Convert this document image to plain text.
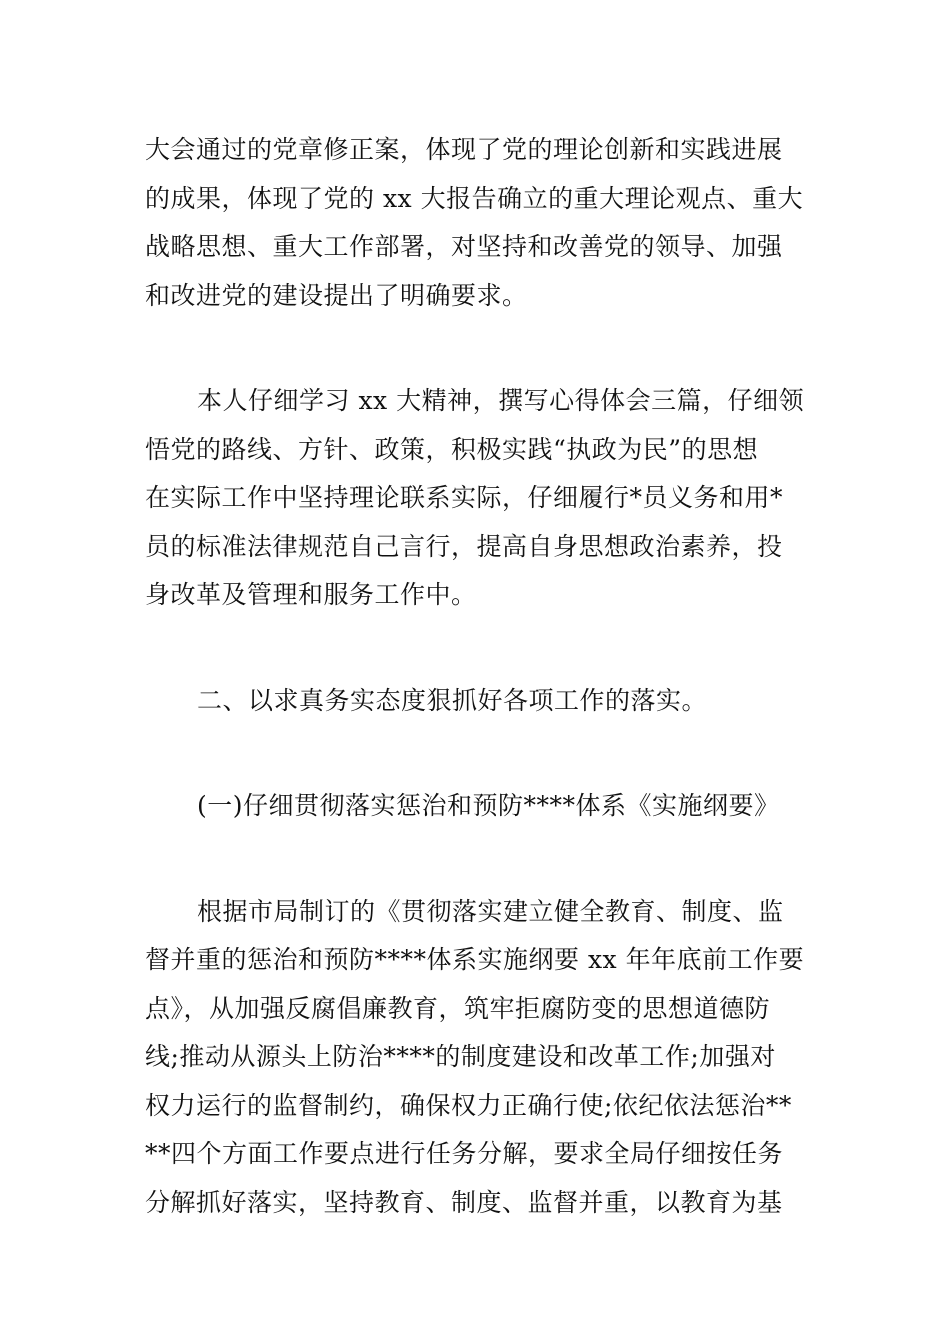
大会通过的党章修正案，体现了党的理论创新和实践进展
的成果，体现了党的 xx 大报告确立的重大理论观点、重大
战略思想、重大工作部署，对坚持和改善党的领导、加强
和改进党的建设提出了明确要求。
本人仔细学习 xx 大精神，撰写心得体会三篇，仔细领
悟党的路线、方针、政策，积极实践“执政为民”的思想
在实际工作中坚持理论联系实际，仔细履行*员义务和用*
员的标准法律规范自己言行，提高自身思想政治素养，投
身改革及管理和服务工作中。
二、以求真务实态度狠抓好各项工作的落实。
(一)仔细贯彻落实惩治和预防****体系《实施纲要》
根据市局制订的《贯彻落实建立健全教育、制度、监
督并重的惩治和预防****体系实施纲要 xx 年年底前工作要
点》，从加强反腐倡廉教育，筑牢拒腐防变的思想道德防
线;推动从源头上防治****的制度建设和改革工作;加强对
权力运行的监督制约，确保权力正确行使;依纪依法惩治**
**四个方面工作要点进行任务分解，要求全局仔细按任务
分解抓好落实，坚持教育、制度、监督并重，以教育为基
